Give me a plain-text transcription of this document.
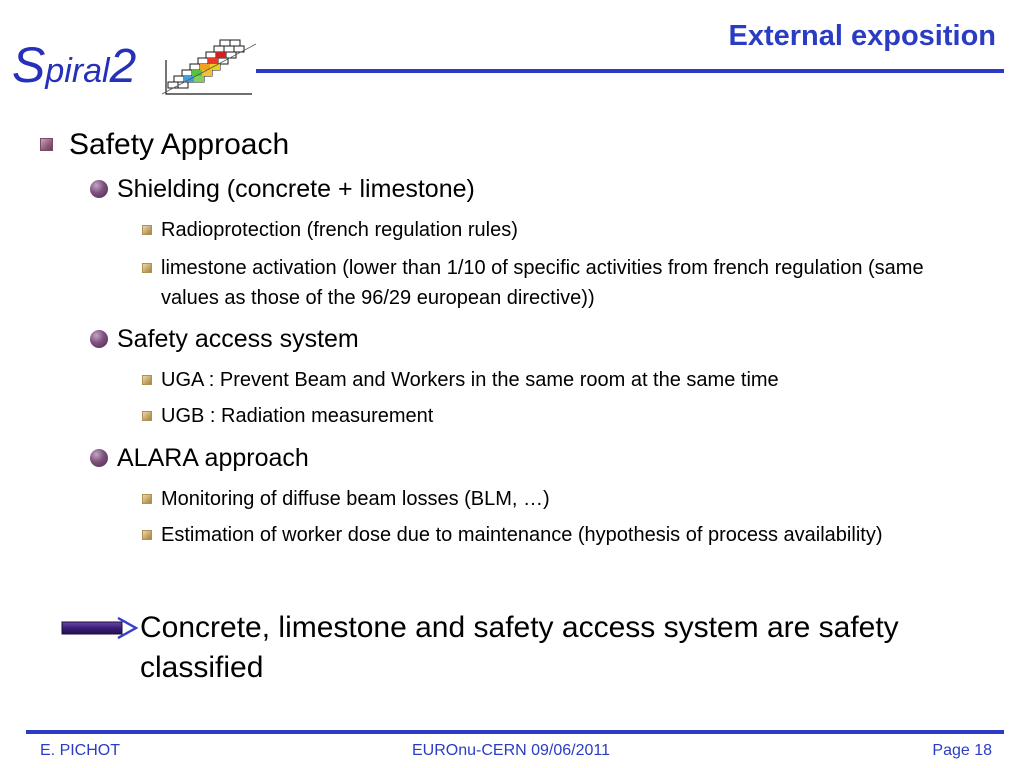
Spiral2
External exposition
Safety Approach
Shielding (concrete + limestone)
Radioprotection (french regulation rules)
limestone activation (lower than 1/10 of specific activities from french regulation (same values as those of the 96/29 european directive))
Safety access system
UGA : Prevent Beam and Workers in the same room at the same time
UGB : Radiation measurement
ALARA approach
Monitoring of diffuse beam losses (BLM, …)
Estimation of worker dose due to maintenance (hypothesis of process availability)
Concrete, limestone and safety access system are safety classified
E. PICHOT	EUROnu-CERN 09/06/2011	Page 18
